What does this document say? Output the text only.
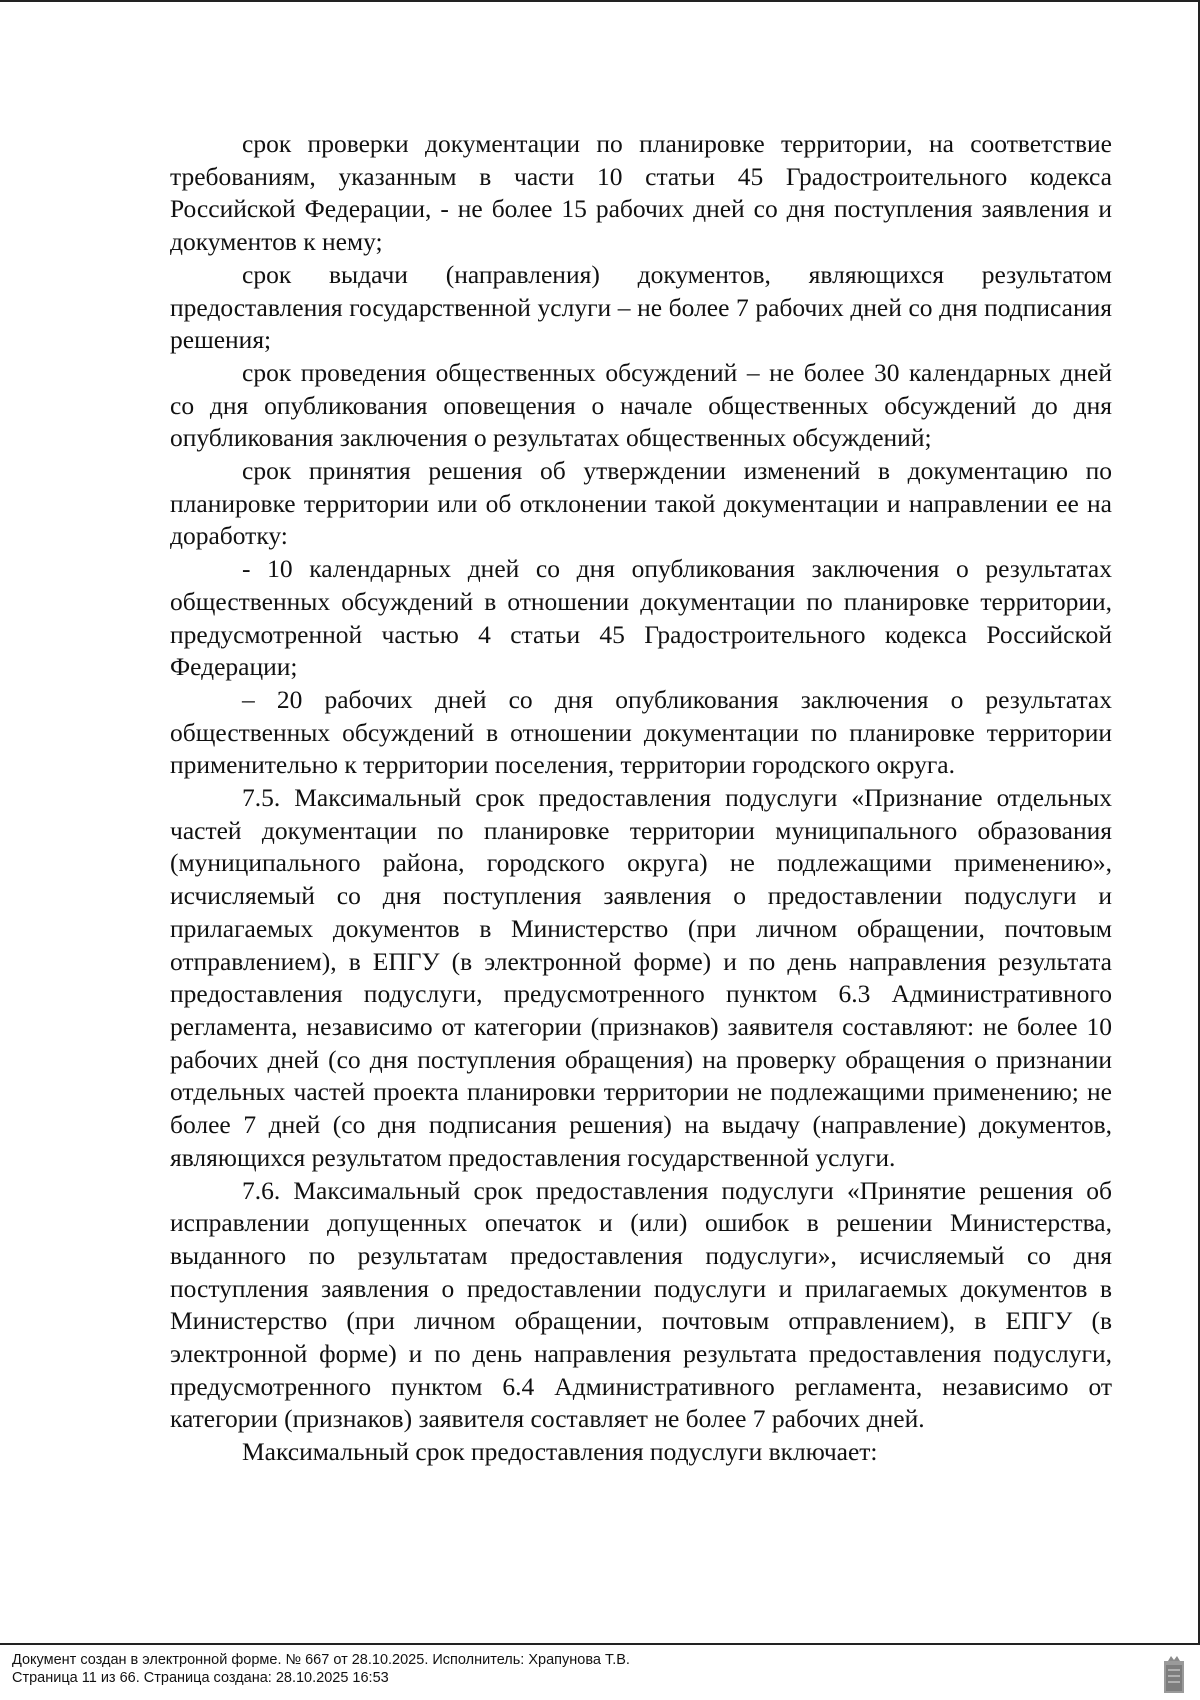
срок проверки документации по планировке территории, на соответствие требованиям, указанным в части 10 статьи 45 Градостроительного кодекса Российской Федерации, - не более 15 рабочих дней со дня поступления заявления и документов к нему;

срок выдачи (направления) документов, являющихся результатом предоставления государственной услуги – не более 7 рабочих дней со дня подписания решения;

срок проведения общественных обсуждений – не более 30 календарных дней со дня опубликования оповещения о начале общественных обсуждений до дня опубликования заключения о результатах общественных обсуждений;

срок принятия решения об утверждении изменений в документацию по планировке территории или об отклонении такой документации и направлении ее на доработку:

- 10 календарных дней со дня опубликования заключения о результатах общественных обсуждений в отношении документации по планировке территории, предусмотренной частью 4 статьи 45 Градостроительного кодекса Российской Федерации;

– 20 рабочих дней со дня опубликования заключения о результатах общественных обсуждений в отношении документации по планировке территории применительно к территории поселения, территории городского округа.

7.5. Максимальный срок предоставления подуслуги «Признание отдельных частей документации по планировке территории муниципального образования (муниципального района, городского округа) не подлежащими применению», исчисляемый со дня поступления заявления о предоставлении подуслуги и прилагаемых документов в Министерство (при личном обращении, почтовым отправлением), в ЕПГУ (в электронной форме) и по день направления результата предоставления подуслуги, предусмотренного пунктом 6.3 Административного регламента, независимо от категории (признаков) заявителя составляют: не более 10 рабочих дней (со дня поступления обращения) на проверку обращения о признании отдельных частей проекта планировки территории не подлежащими применению; не более 7 дней (со дня подписания решения) на выдачу (направление) документов, являющихся результатом предоставления государственной услуги.

7.6. Максимальный срок предоставления подуслуги «Принятие решения об исправлении допущенных опечаток и (или) ошибок в решении Министерства, выданного по результатам предоставления подуслуги», исчисляемый со дня поступления заявления о предоставлении подуслуги и прилагаемых документов в Министерство (при личном обращении, почтовым отправлением), в ЕПГУ (в электронной форме) и по день направления результата предоставления подуслуги, предусмотренного пунктом 6.4 Административного регламента, независимо от категории (признаков) заявителя составляет не более 7 рабочих дней.

Максимальный срок предоставления подуслуги включает:

Документ создан в электронной форме. № 667 от 28.10.2025. Исполнитель: Храпунова Т.В.
Страница 11 из 66. Страница создана: 28.10.2025 16:53
